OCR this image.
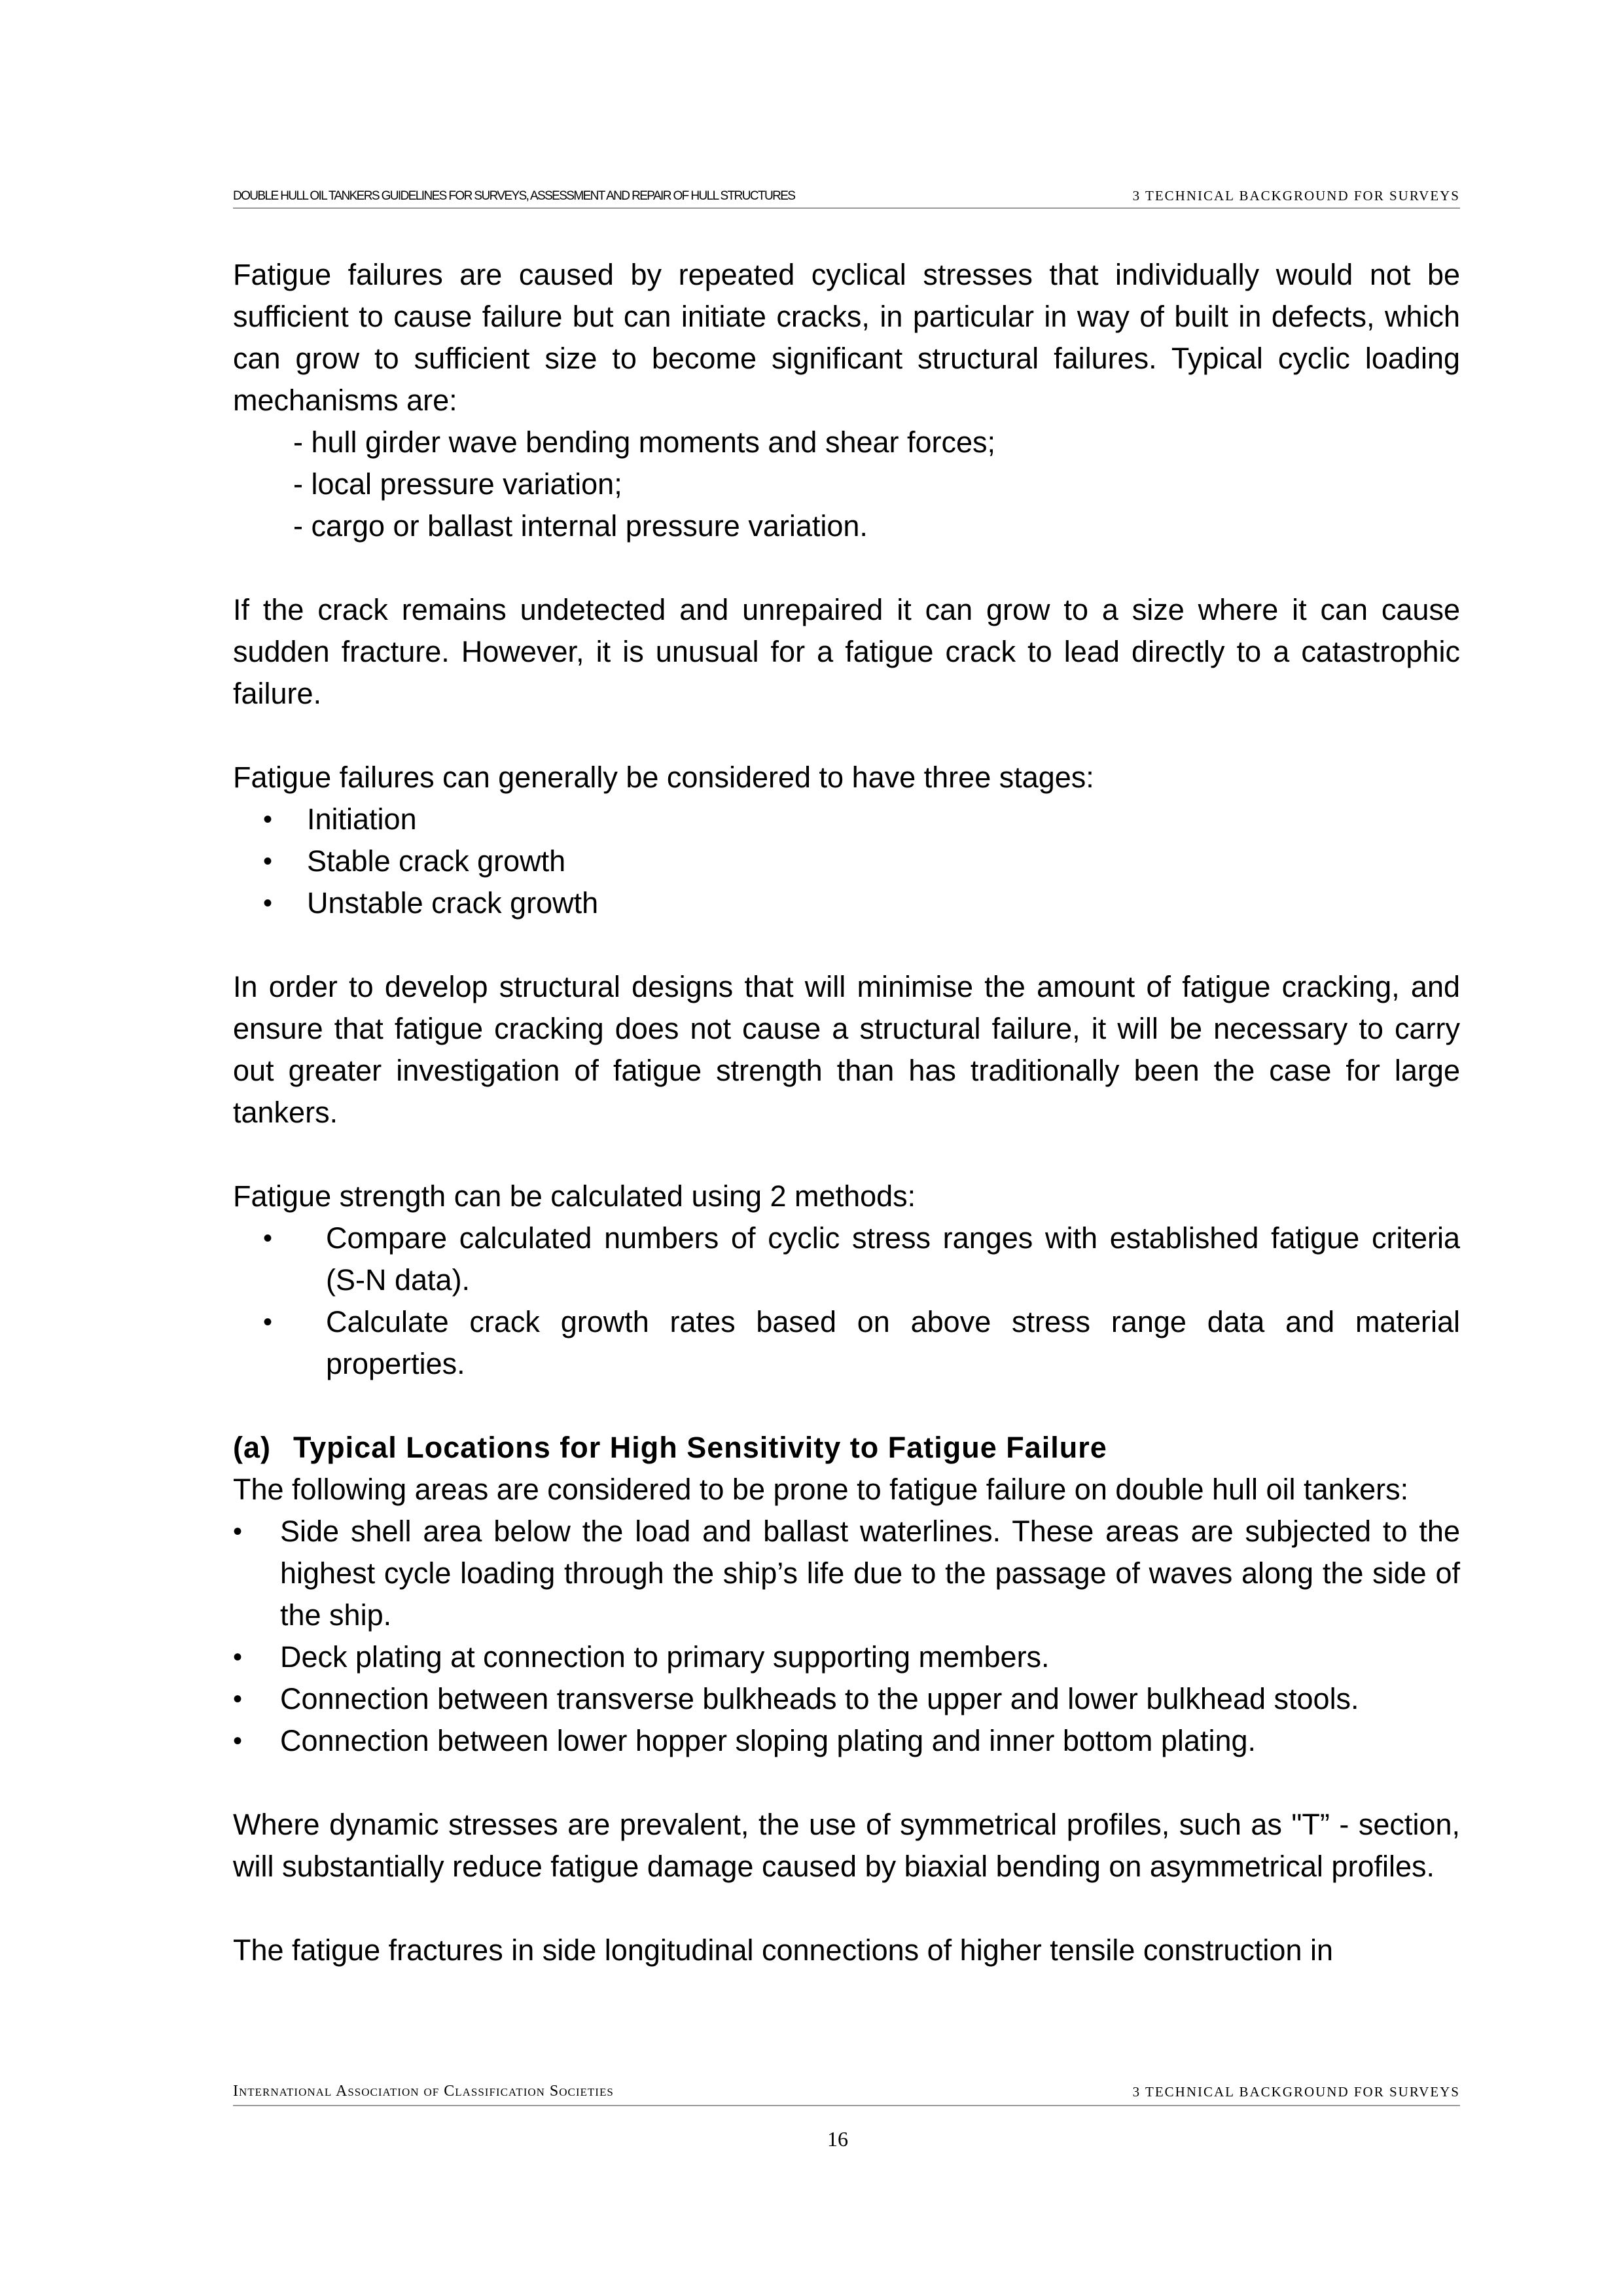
DOUBLE HULL OIL TANKERS GUIDELINES FOR SURVEYS, ASSESSMENT AND REPAIR OF HULL STRUCTURES	3 TECHNICAL BACKGROUND FOR SURVEYS

Fatigue failures are caused by repeated cyclical stresses that individually would not be sufficient to cause failure but can initiate cracks, in particular in way of built in defects, which can grow to sufficient size to become significant structural failures. Typical cyclic loading mechanisms are:

- hull girder wave bending moments and shear forces;
- local pressure variation;
- cargo or ballast internal pressure variation.

If the crack remains undetected and unrepaired it can grow to a size where it can cause sudden fracture. However, it is unusual for a fatigue crack to lead directly to a catastrophic failure.

Fatigue failures can generally be considered to have three stages:

• Initiation
• Stable crack growth
• Unstable crack growth

In order to develop structural designs that will minimise the amount of fatigue cracking, and ensure that fatigue cracking does not cause a structural failure, it will be necessary to carry out greater investigation of fatigue strength than has traditionally been the case for large tankers.

Fatigue strength can be calculated using 2 methods:

• Compare calculated numbers of cyclic stress ranges with established fatigue criteria (S-N data).
• Calculate crack growth rates based on above stress range data and material properties.
(a) Typical Locations for High Sensitivity to Fatigue Failure

The following areas are considered to be prone to fatigue failure on double hull oil tankers:

• Side shell area below the load and ballast waterlines. These areas are subjected to the highest cycle loading through the ship’s life due to the passage of waves along the side of the ship.
• Deck plating at connection to primary supporting members.
• Connection between transverse bulkheads to the upper and lower bulkhead stools.
• Connection between lower hopper sloping plating and inner bottom plating.

Where dynamic stresses are prevalent, the use of symmetrical profiles, such as "T” - section, will substantially reduce fatigue damage caused by biaxial bending on asymmetrical profiles.

The fatigue fractures in side longitudinal connections of higher tensile construction in

International Association of Classification Societies	3 TECHNICAL BACKGROUND FOR SURVEYS
16
